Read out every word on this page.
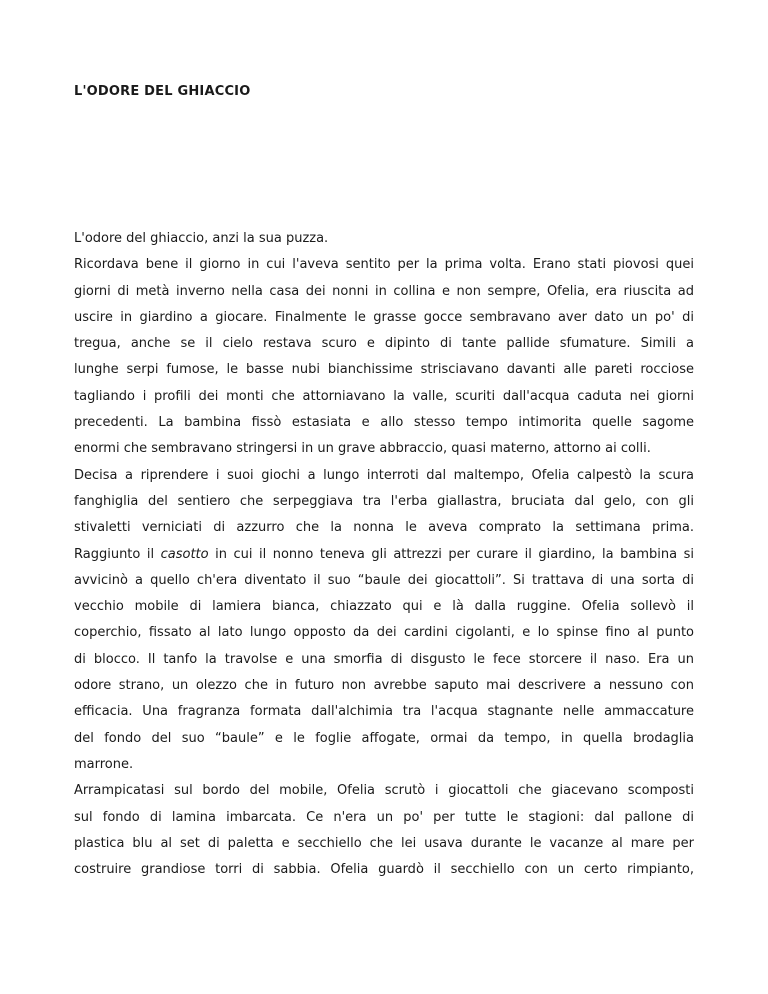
L'ODORE DEL GHIACCIO
L'odore del ghiaccio, anzi la sua puzza.
Ricordava bene il giorno in cui l'aveva sentito per la prima volta. Erano stati piovosi quei
giorni di metà inverno nella casa dei nonni in collina e non sempre, Ofelia, era riuscita ad
uscire in giardino a giocare. Finalmente le grasse gocce sembravano aver dato un po' di
tregua, anche se il cielo restava scuro e dipinto di tante pallide sfumature. Simili a
lunghe serpi fumose, le basse nubi bianchissime strisciavano davanti alle pareti rocciose
tagliando i profili dei monti che attorniavano la valle, scuriti dall'acqua caduta nei giorni
precedenti. La bambina fissò estasiata e allo stesso tempo intimorita quelle sagome
enormi che sembravano stringersi in un grave abbraccio, quasi materno, attorno ai colli.
Decisa a riprendere i suoi giochi a lungo interroti dal maltempo, Ofelia calpestò la scura
fanghiglia del sentiero che serpeggiava tra l'erba giallastra, bruciata dal gelo, con gli
stivaletti verniciati di azzurro che la nonna le aveva comprato la settimana prima.
Raggiunto il casotto in cui il nonno teneva gli attrezzi per curare il giardino, la bambina si
avvicinò a quello ch'era diventato il suo “baule dei giocattoli”. Si trattava di una sorta di
vecchio mobile di lamiera bianca, chiazzato qui e là dalla ruggine. Ofelia sollevò il
coperchio, fissato al lato lungo opposto da dei cardini cigolanti, e lo spinse fino al punto
di blocco. Il tanfo la travolse e una smorfia di disgusto le fece storcere il naso. Era un
odore strano, un olezzo che in futuro non avrebbe saputo mai descrivere a nessuno con
efficacia. Una fragranza formata dall'alchimia tra l'acqua stagnante nelle ammaccature
del fondo del suo “baule” e le foglie affogate, ormai da tempo, in quella brodaglia
marrone.
Arrampicatasi sul bordo del mobile, Ofelia scrutò i giocattoli che giacevano scomposti
sul fondo di lamina imbarcata. Ce n'era un po' per tutte le stagioni: dal pallone di
plastica blu al set di paletta e secchiello che lei usava durante le vacanze al mare per
costruire grandiose torri di sabbia. Ofelia guardò il secchiello con un certo rimpianto,
